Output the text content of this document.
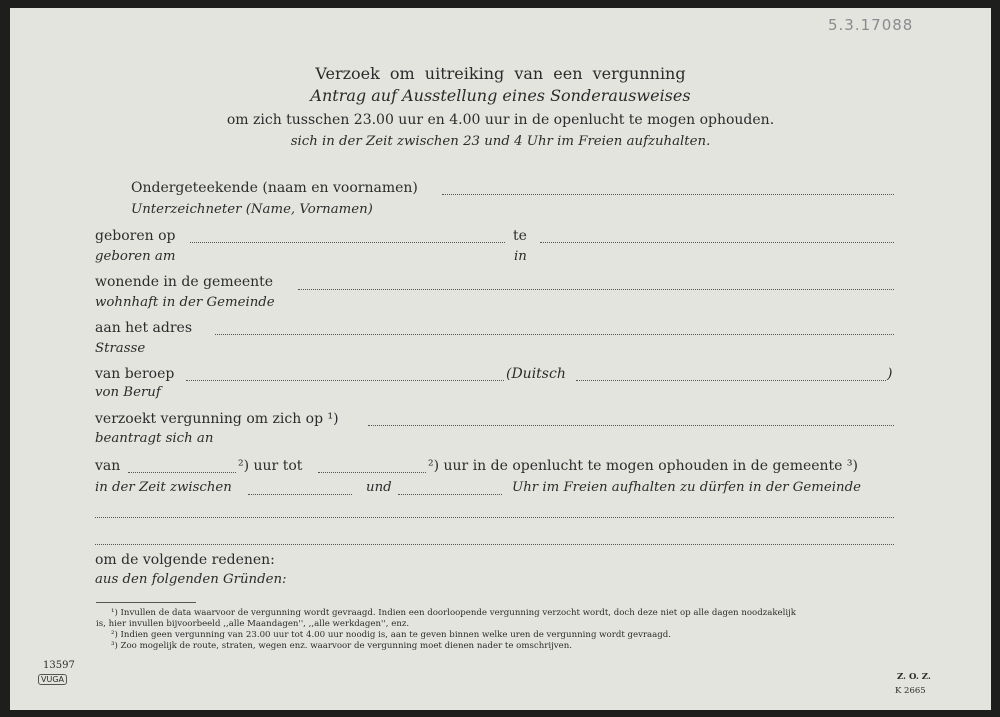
5.3.17088
Verzoek om uitreiking van een vergunning
Antrag auf Ausstellung eines Sonderausweises
om zich tusschen 23.00 uur en 4.00 uur in de openlucht te mogen ophouden.
sich in der Zeit zwischen 23 und 4 Uhr im Freien aufzuhalten.
Ondergeteekende (naam en voornamen)
Unterzeichneter (Name, Vornamen)
geboren op	te
geboren am	in
wonende in de gemeente
wohnhaft in der Gemeinde
aan het adres
Strasse
van beroep	(Duitsch	)
von Beruf
verzoekt vergunning om zich op ¹)
beantragt sich an
van	²) uur tot	²) uur in de openlucht te mogen ophouden in de gemeente ³)
in der Zeit zwischen	und	Uhr im Freien aufhalten zu dürfen in der Gemeinde
om de volgende redenen:
aus den folgenden Gründen:
¹) Invullen de data waarvoor de vergunning wordt gevraagd. Indien een doorloopende vergunning verzocht wordt, doch deze niet op alle dagen noodzakelijk
is, hier invullen bijvoorbeeld ,,alle Maandagen'', ,,alle werkdagen'', enz.
²) Indien geen vergunning van 23.00 uur tot 4.00 uur noodig is, aan te geven binnen welke uren de vergunning wordt gevraagd.
³) Zoo mogelijk de route, straten, wegen enz. waarvoor de vergunning moet dienen nader te omschrijven.
13597
VUGA	Z. O. Z.
K 2665
